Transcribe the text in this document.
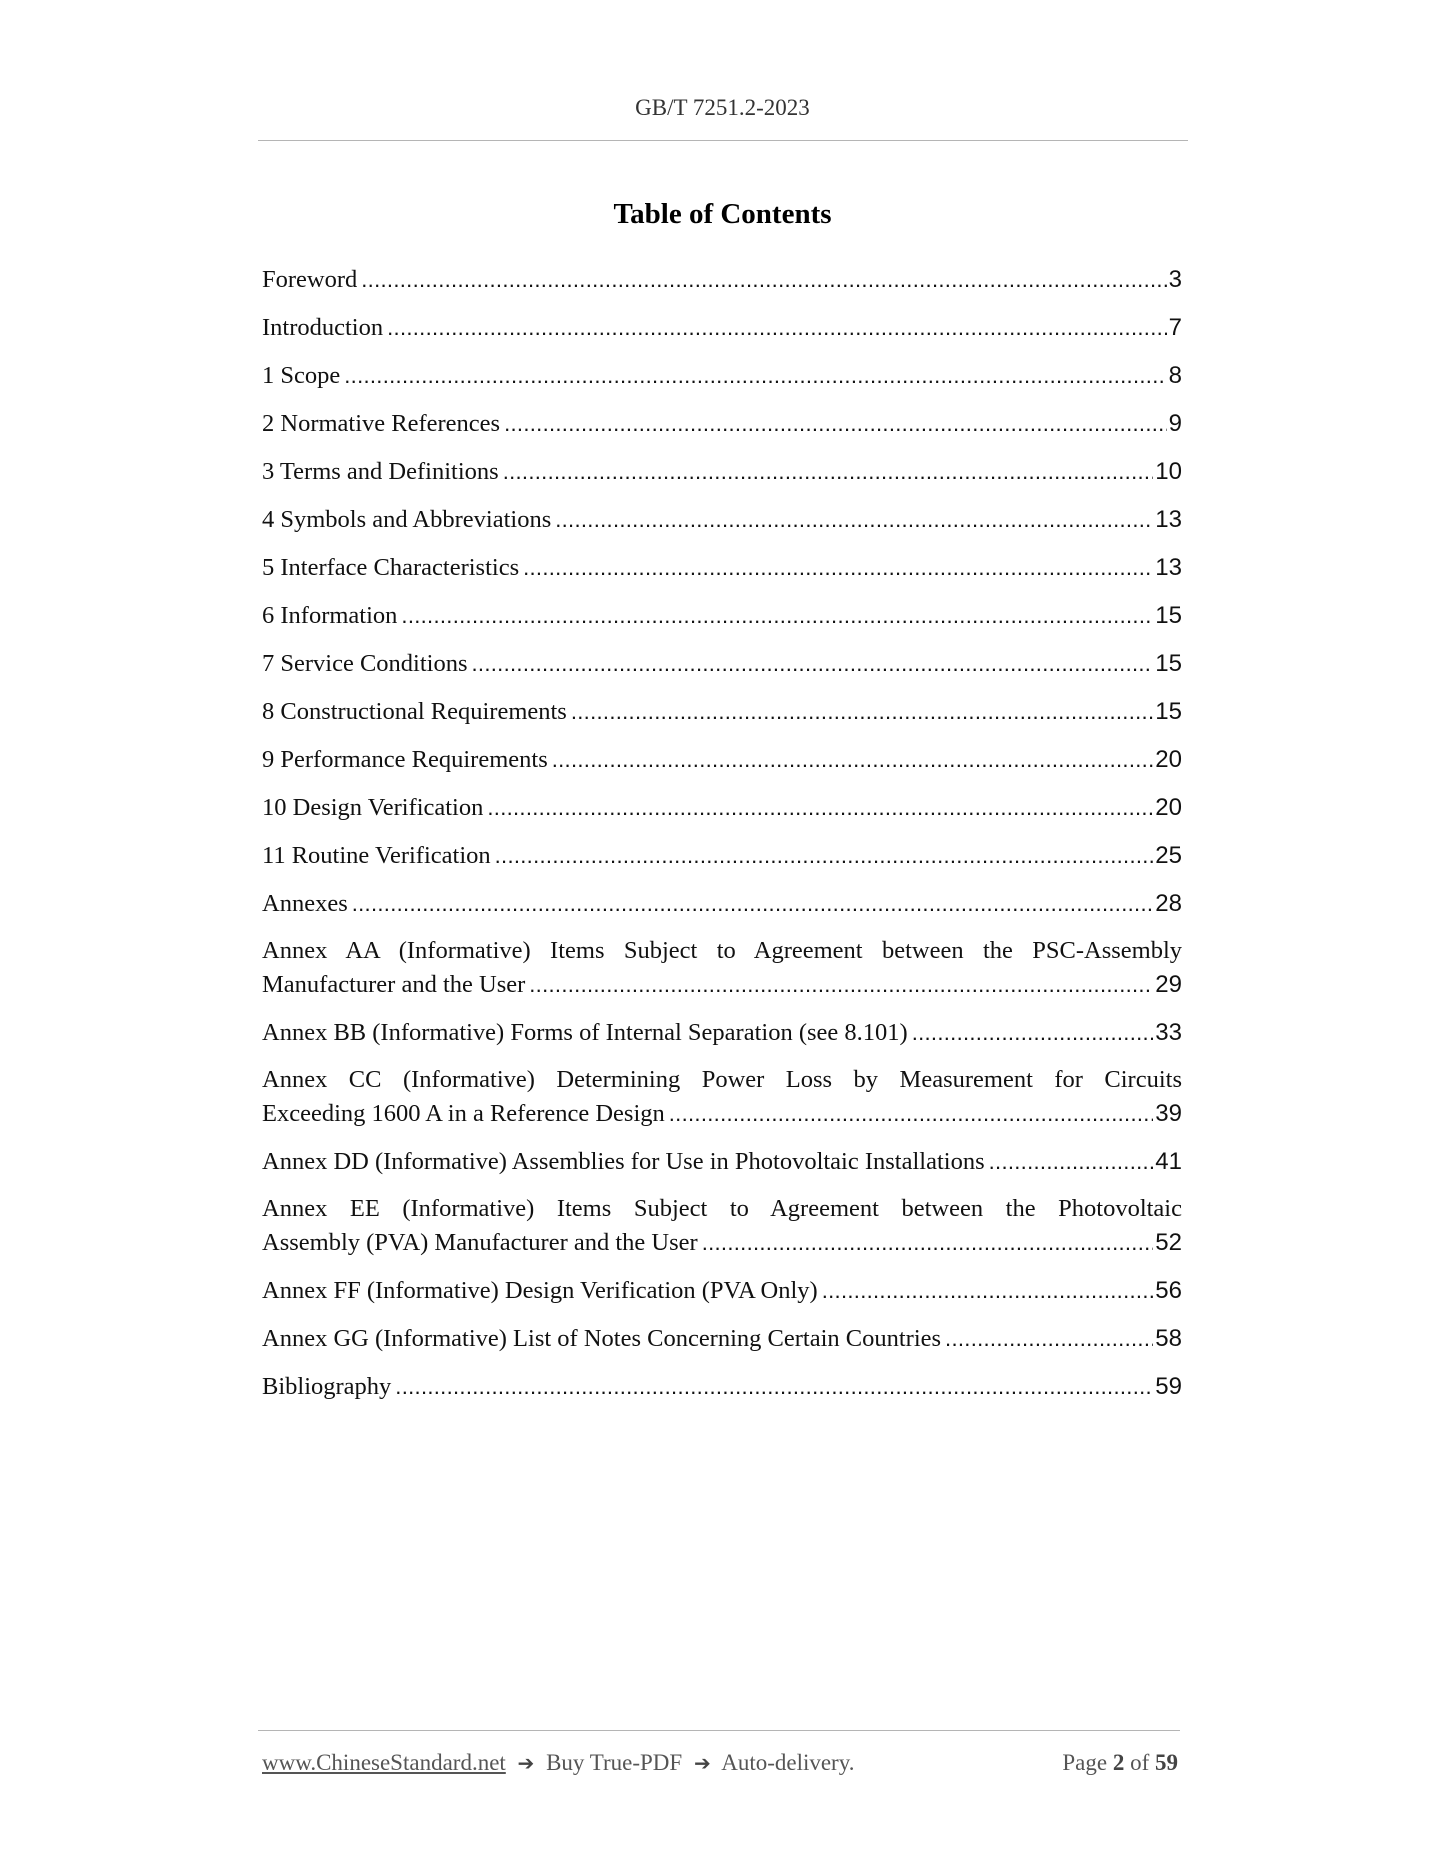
GB/T 7251.2-2023
Table of Contents
Foreword .....	3
Introduction .....	7
1 Scope .....	8
2 Normative References .....	9
3 Terms and Definitions .....	10
4 Symbols and Abbreviations .....	13
5 Interface Characteristics .....	13
6 Information .....	15
7 Service Conditions .....	15
8 Constructional Requirements .....	15
9 Performance Requirements .....	20
10 Design Verification .....	20
11 Routine Verification .....	25
Annexes .....	28
Annex AA (Informative) Items Subject to Agreement between the PSC-Assembly
Manufacturer and the User .....	29
Annex BB (Informative) Forms of Internal Separation (see 8.101) .....	33
Annex CC (Informative) Determining Power Loss by Measurement for Circuits
Exceeding 1600 A in a Reference Design .....	39
Annex DD (Informative) Assemblies for Use in Photovoltaic Installations .....	41
Annex EE (Informative) Items Subject to Agreement between the Photovoltaic
Assembly (PVA) Manufacturer and the User .....	52
Annex FF (Informative) Design Verification (PVA Only) .....	56
Annex GG (Informative) List of Notes Concerning Certain Countries .....	58
Bibliography .....	59
www.ChineseStandard.net ➔ Buy True-PDF ➔ Auto-delivery.	Page 2 of 59
